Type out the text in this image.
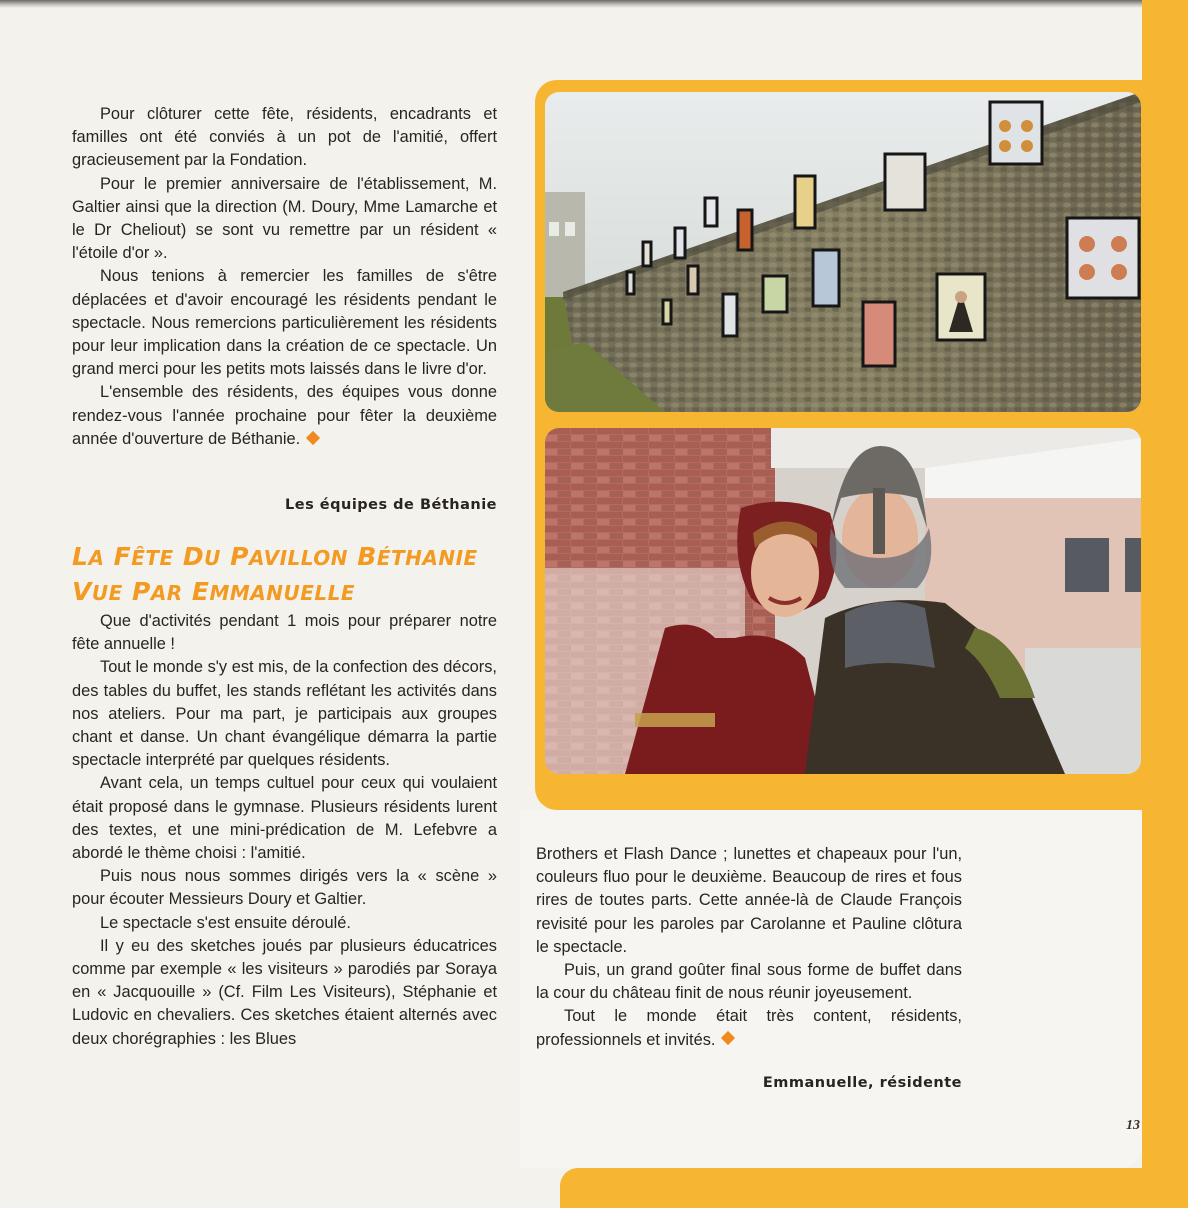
Pour clôturer cette fête, résidents, encadrants et familles ont été conviés à un pot de l'amitié, offert gracieusement par la Fondation.

Pour le premier anniversaire de l'établissement, M. Galtier ainsi que la direction (M. Doury, Mme Lamarche et le Dr Cheliout) se sont vu remettre par un résident « l'étoile d'or ».

Nous tenions à remercier les familles de s'être déplacées et d'avoir encouragé les résidents pendant le spectacle. Nous remercions particulièrement les résidents pour leur implication dans la création de ce spectacle. Un grand merci pour les petits mots laissés dans le livre d'or.

L'ensemble des résidents, des équipes vous donne rendez-vous l'année prochaine pour fêter la deuxième année d'ouverture de Béthanie.

Les équipes de Béthanie
LA FÊTE DU PAVILLON BÉTHANIE
VUE PAR EMMANUELLE

Que d'activités pendant 1 mois pour préparer notre fête annuelle !

Tout le monde s'y est mis, de la confection des décors, des tables du buffet, les stands reflétant les activités dans nos ateliers. Pour ma part, je participais aux groupes chant et danse. Un chant évangélique démarra la partie spectacle interprété par quelques résidents.

Avant cela, un temps cultuel pour ceux qui voulaient était proposé dans le gymnase. Plusieurs résidents lurent des textes, et une mini-prédication de M. Lefebvre a abordé le thème choisi : l'amitié.

Puis nous nous sommes dirigés vers la « scène » pour écouter Messieurs Doury et Galtier.

Le spectacle s'est ensuite déroulé.

Il y eu des sketches joués par plusieurs éducatrices comme par exemple « les visiteurs » parodiés par Soraya en « Jacquouille » (Cf. Film Les Visiteurs), Stéphanie et Ludovic en chevaliers. Ces sketches étaient alternés avec deux chorégraphies : les Blues

Brothers et Flash Dance ; lunettes et chapeaux pour l'un, couleurs fluo pour le deuxième. Beaucoup de rires et fous rires de toutes parts. Cette année-là de Claude François revisité pour les paroles par Carolanne et Pauline clôtura le spectacle.

Puis, un grand goûter final sous forme de buffet dans la cour du château finit de nous réunir joyeusement.

Tout le monde était très content, résidents, professionnels et invités.

Emmanuelle, résidente
13
